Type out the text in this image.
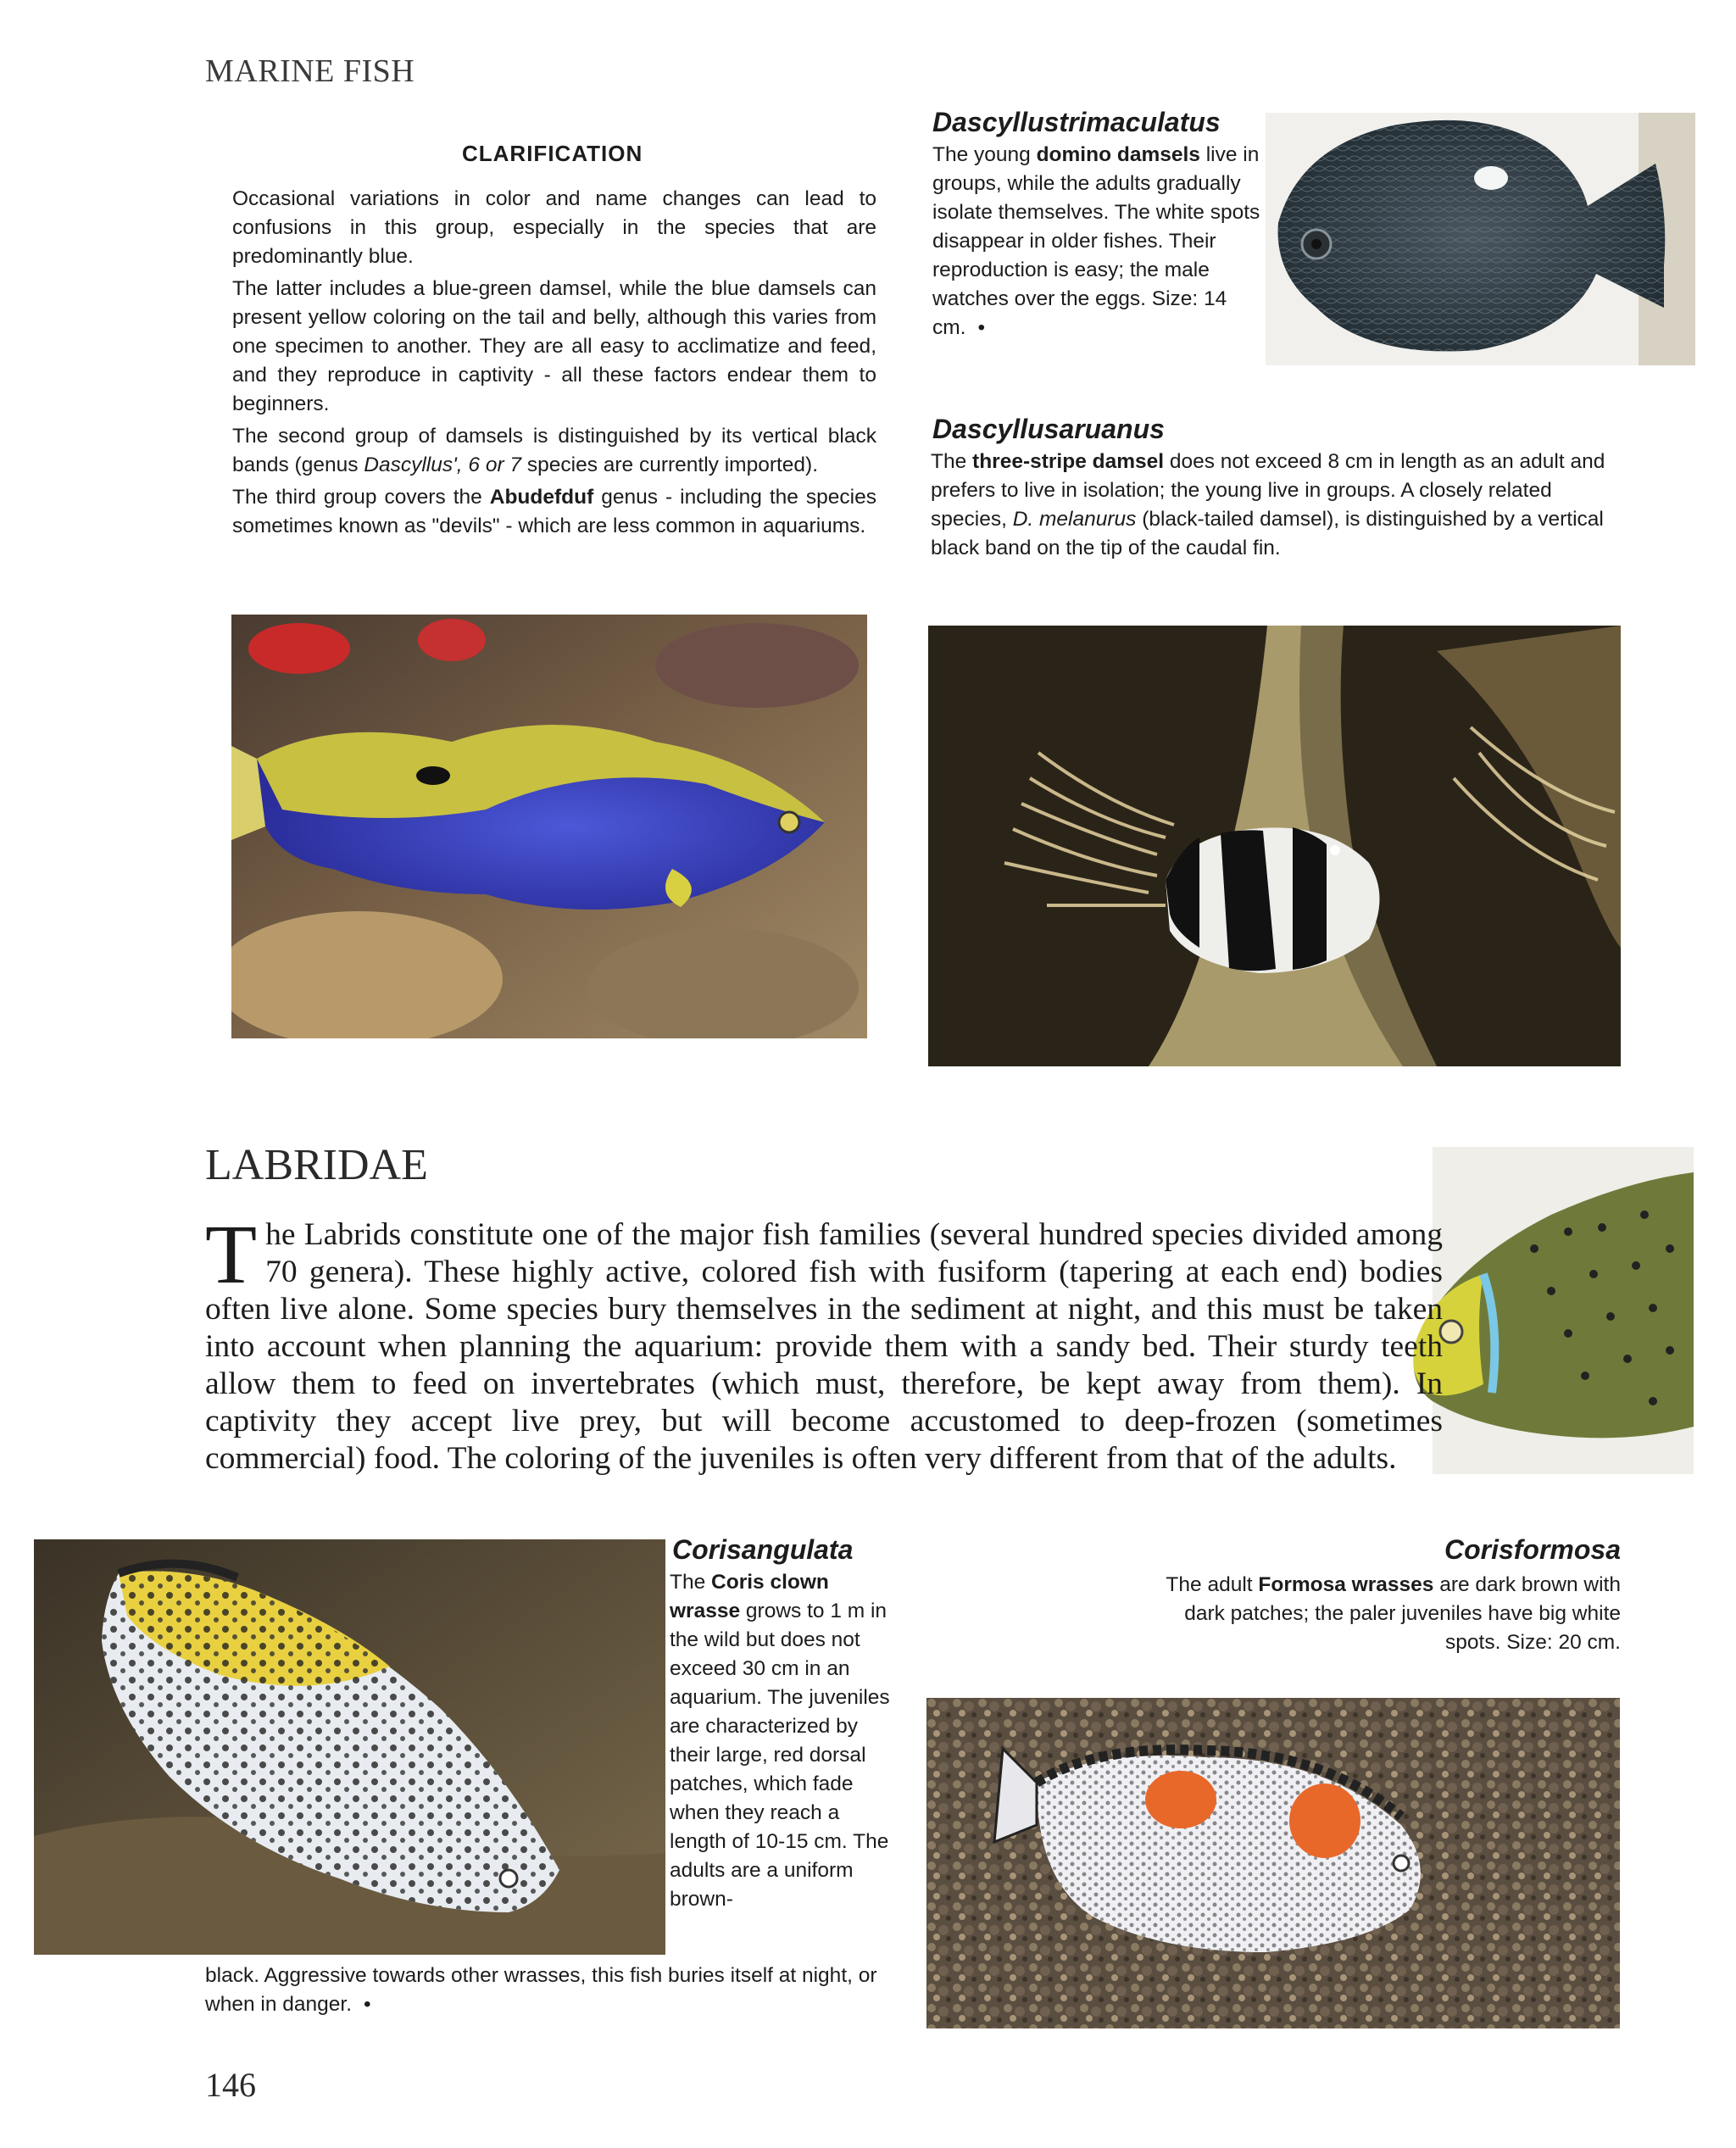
MARINE FISH
CLARIFICATION

Occasional variations in color and name changes can lead to confusions in this group, especially in the species that are predominantly blue.

The latter includes a blue-green damsel, while the blue damsels can present yellow coloring on the tail and belly, although this varies from one specimen to another. They are all easy to acclimatize and feed, and they reproduce in captivity - all these factors endear them to beginners.

The second group of damsels is distinguished by its vertical black bands (genus Dascyllus', 6 or 7 species are currently imported).

The third group covers the Abudefduf genus - including the species sometimes known as "devils" - which are less common in aquariums.

Dascyllustrimaculatus
The young domino damsels live in groups, while the adults gradually isolate themselves. The white spots disappear in older fishes. Their reproduction is easy; the male watches over the eggs. Size: 14 cm. •
Dascyllusaruanus
The three-stripe damsel does not exceed 8 cm in length as an adult and prefers to live in isolation; the young live in groups. A closely related species, D. melanurus (black-tailed damsel), is distinguished by a vertical black band on the tip of the caudal fin.
LABRIDAE
T he Labrids constitute one of the major fish families (several hundred species divided among 70 genera). These highly active, colored fish with fusiform (tapering at each end) bodies often live alone. Some species bury themselves in the sediment at night, and this must be taken into account when planning the aquarium: provide them with a sandy bed. Their sturdy teeth allow them to feed on invertebrates (which must, therefore, be kept away from them). In captivity they accept live prey, but will become accustomed to deep-frozen (sometimes commercial) food. The coloring of the juveniles is often very different from that of the adults.
Corisangulata
The Coris clown wrasse grows to 1 m in the wild but does not exceed 30 cm in an aquarium. The juveniles are characterized by their large, red dorsal patches, which fade when they reach a length of 10-15 cm. The adults are a uniform brown-
black. Aggressive towards other wrasses, this fish buries itself at night, or when in danger. •
Corisformosa
The adult Formosa wrasses are dark brown with dark patches; the paler juveniles have big white spots. Size: 20 cm.
146
